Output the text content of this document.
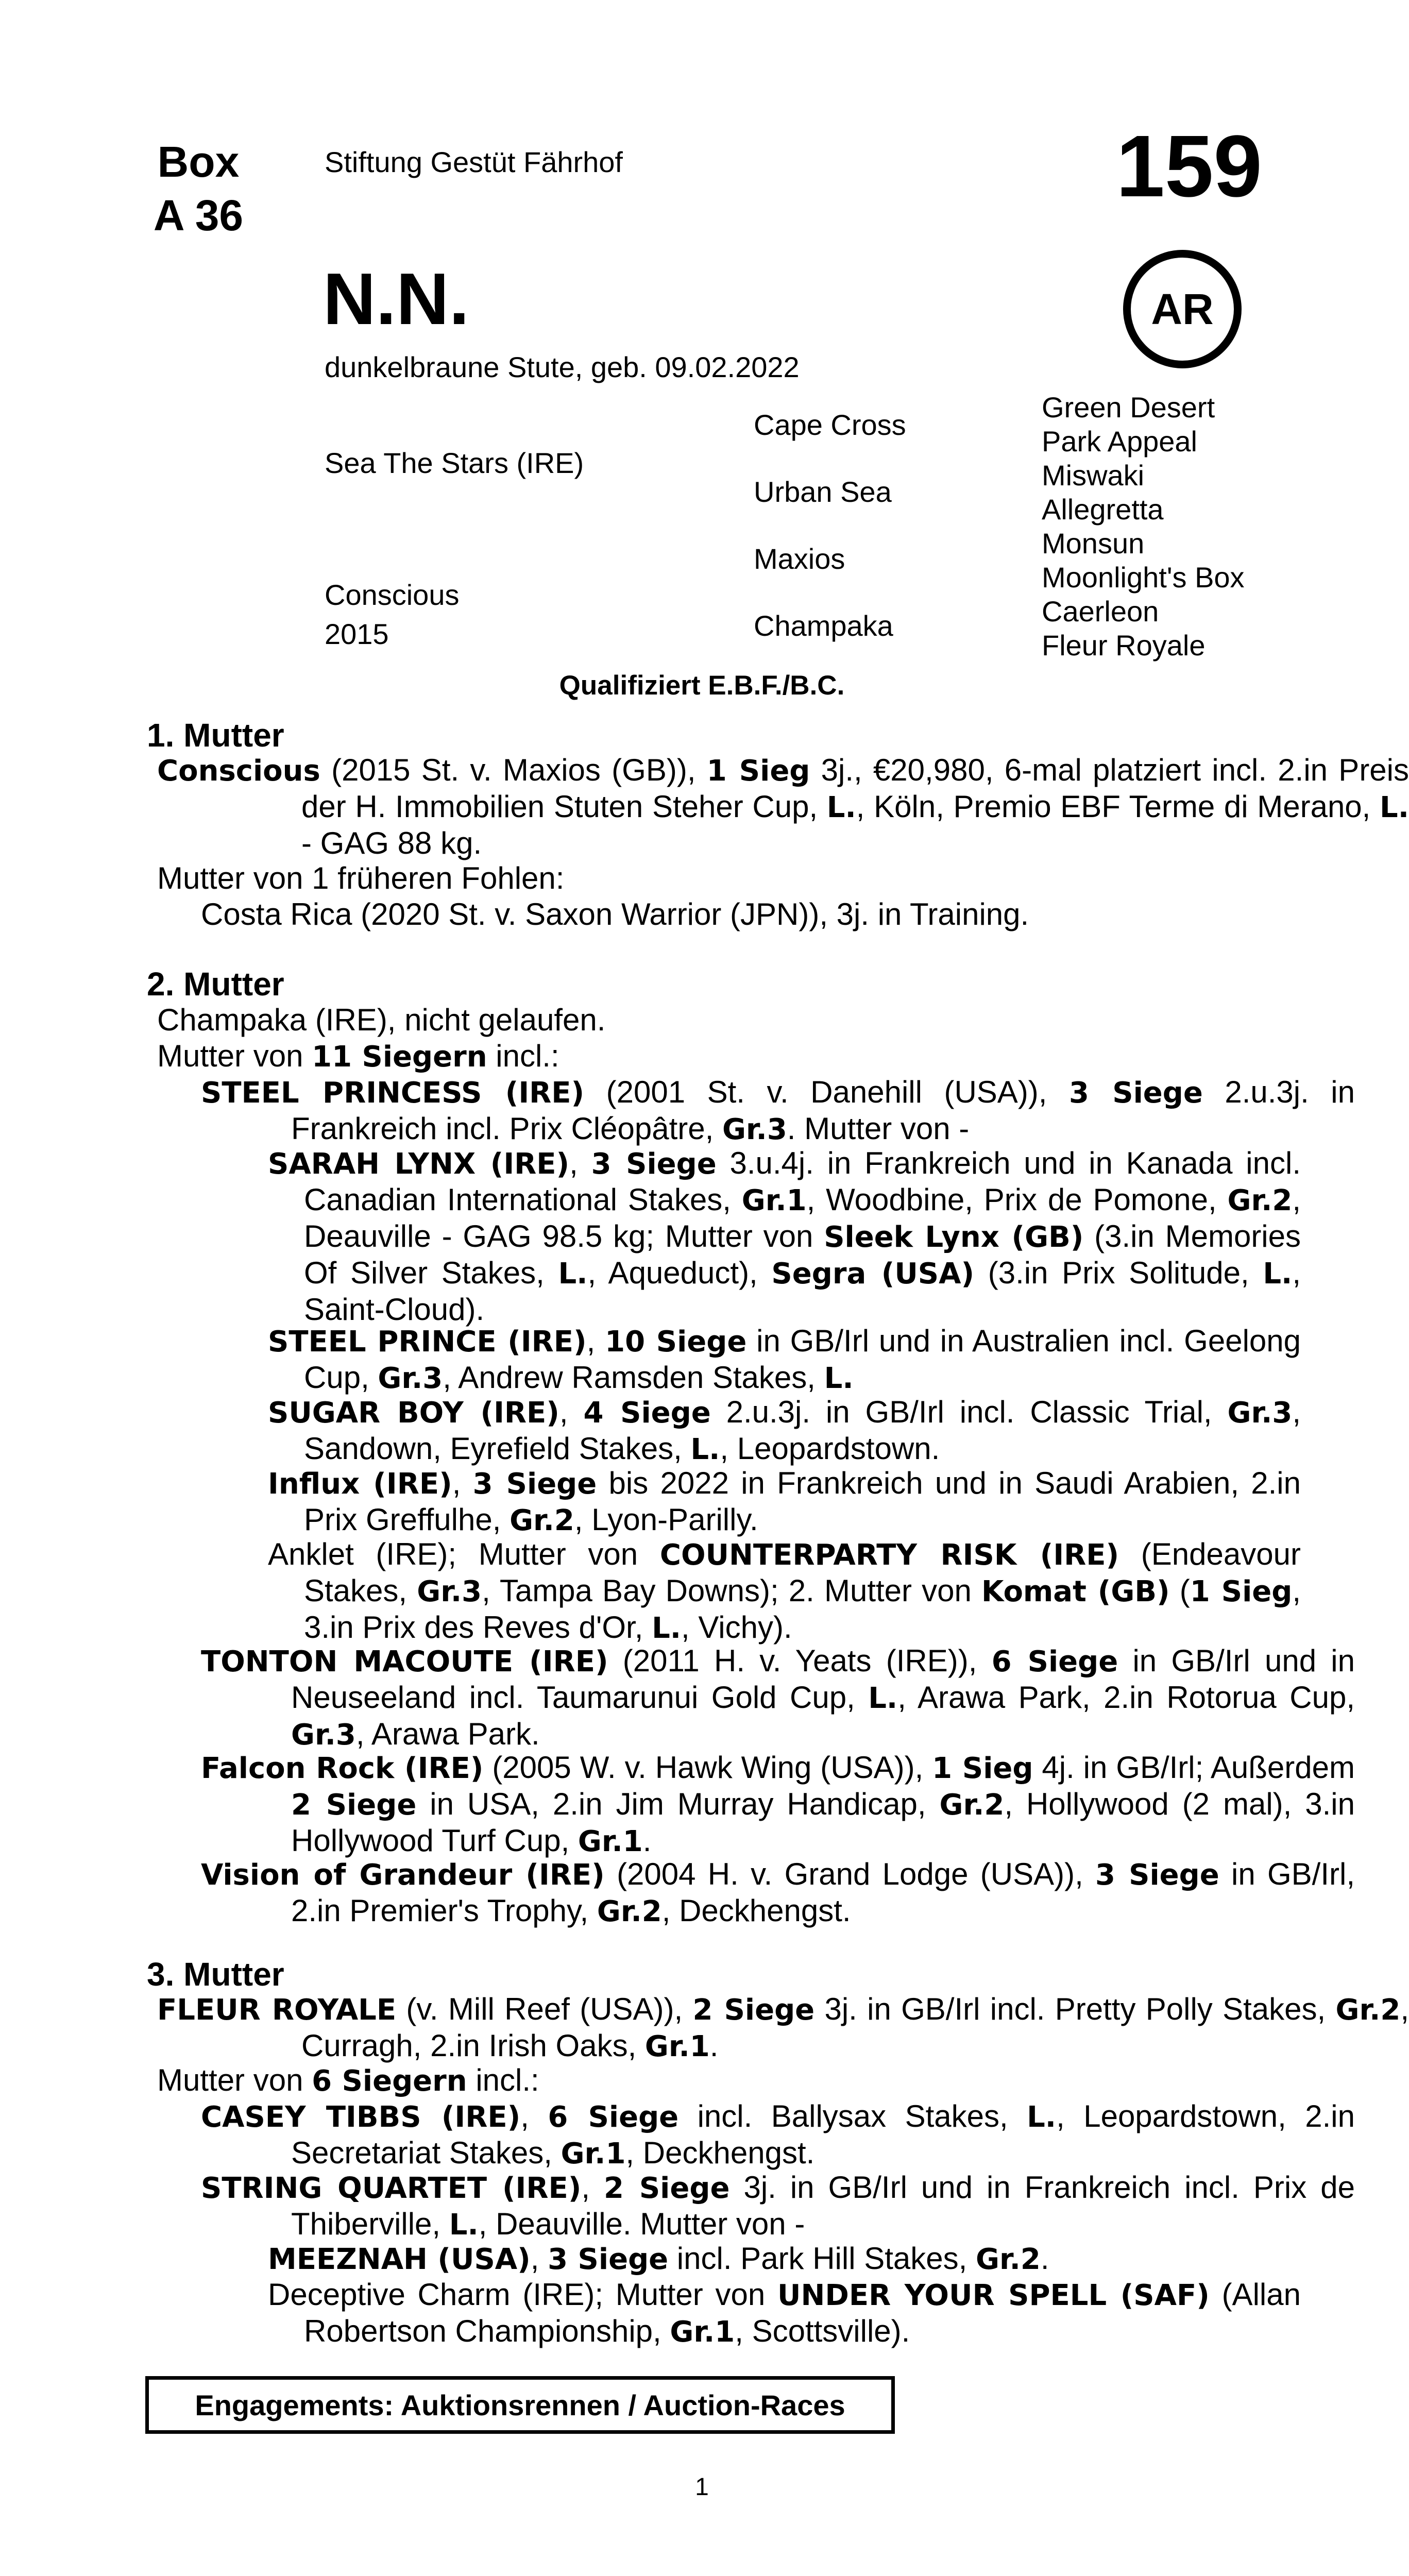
Box
A 36
Stiftung Gestüt Fährhof	159
AR
N.N.
dunkelbraune Stute, geb. 09.02.2022
Sea The Stars (IRE)
Conscious
2015
Cape Cross
Urban Sea
Maxios
Champaka
Green Desert
Park Appeal
Miswaki
Allegretta
Monsun
Moonlight's Box
Caerleon
Fleur Royale
Qualifiziert E.B.F./B.C.
1. Mutter
Conscious (2015 St. v. Maxios (GB)), 1 Sieg 3j., €20,980, 6-mal platziert incl. 2.in Preis der H. Immobilien Stuten Steher Cup, L., Köln, Premio EBF Terme di Merano, L. - GAG 88 kg.
Mutter von 1 früheren Fohlen:
Costa Rica (2020 St. v. Saxon Warrior (JPN)), 3j. in Training.
2. Mutter
Champaka (IRE), nicht gelaufen.
Mutter von 11 Siegern incl.:
STEEL PRINCESS (IRE) (2001 St. v. Danehill (USA)), 3 Siege 2.u.3j. in Frankreich incl. Prix Cléopâtre, Gr.3. Mutter von -
SARAH LYNX (IRE), 3 Siege 3.u.4j. in Frankreich und in Kanada incl. Canadian International Stakes, Gr.1, Woodbine, Prix de Pomone, Gr.2, Deauville - GAG 98.5 kg; Mutter von Sleek Lynx (GB) (3.in Memories Of Silver Stakes, L., Aqueduct), Segra (USA) (3.in Prix Solitude, L., Saint-Cloud).
STEEL PRINCE (IRE), 10 Siege in GB/Irl und in Australien incl. Geelong Cup, Gr.3, Andrew Ramsden Stakes, L.
SUGAR BOY (IRE), 4 Siege 2.u.3j. in GB/Irl incl. Classic Trial, Gr.3, Sandown, Eyrefield Stakes, L., Leopardstown.
Influx (IRE), 3 Siege bis 2022 in Frankreich und in Saudi Arabien, 2.in Prix Greffulhe, Gr.2, Lyon-Parilly.
Anklet (IRE); Mutter von COUNTERPARTY RISK (IRE) (Endeavour Stakes, Gr.3, Tampa Bay Downs); 2. Mutter von Komat (GB) (1 Sieg, 3.in Prix des Reves d'Or, L., Vichy).
TONTON MACOUTE (IRE) (2011 H. v. Yeats (IRE)), 6 Siege in GB/Irl und in Neuseeland incl. Taumarunui Gold Cup, L., Arawa Park, 2.in Rotorua Cup, Gr.3, Arawa Park.
Falcon Rock (IRE) (2005 W. v. Hawk Wing (USA)), 1 Sieg 4j. in GB/Irl; Außerdem 2 Siege in USA, 2.in Jim Murray Handicap, Gr.2, Hollywood (2 mal), 3.in Hollywood Turf Cup, Gr.1.
Vision of Grandeur (IRE) (2004 H. v. Grand Lodge (USA)), 3 Siege in GB/Irl, 2.in Premier's Trophy, Gr.2, Deckhengst.
3. Mutter
FLEUR ROYALE (v. Mill Reef (USA)), 2 Siege 3j. in GB/Irl incl. Pretty Polly Stakes, Gr.2, Curragh, 2.in Irish Oaks, Gr.1.
Mutter von 6 Siegern incl.:
CASEY TIBBS (IRE), 6 Siege incl. Ballysax Stakes, L., Leopardstown, 2.in Secretariat Stakes, Gr.1, Deckhengst.
STRING QUARTET (IRE), 2 Siege 3j. in GB/Irl und in Frankreich incl. Prix de Thiberville, L., Deauville. Mutter von -
MEEZNAH (USA), 3 Siege incl. Park Hill Stakes, Gr.2.
Deceptive Charm (IRE); Mutter von UNDER YOUR SPELL (SAF) (Allan Robertson Championship, Gr.1, Scottsville).
Engagements: Auktionsrennen / Auction-Races
1
